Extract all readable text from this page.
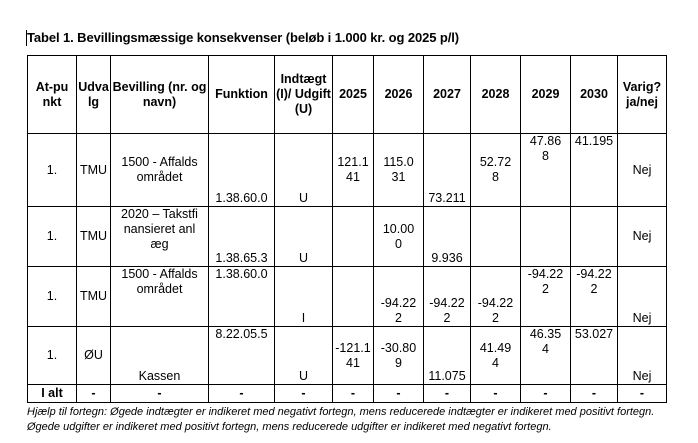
Tabel 1. Bevillingsmæssige konsekvenser (beløb i 1.000 kr. og 2025 p/l)
At-punkt	Udvalg	Bevilling (nr. og navn)	Funktion	Indtægt (I)/ Udgift (U)	2025	2026	2027	2028	2029	2030	Varig? ja/nej

1.	TMU	1500 - Affaldsområdet	1.38.60.0	U	121.141	115.031	73.211	52.728	47.868	41.195	Nej

1.	TMU	2020 – Takstfinansieret anlæg	1.38.65.3	U		10.000	9.936				Nej

1.	TMU	1500 - Affaldsområdet	1.38.60.0	I		-94.222	-94.222	-94.222	-94.222	-94.222	Nej

1.	ØU	Kassen	8.22.05.5	U	-121.141	-30.809	11.075	41.494	46.354	53.027	Nej

I alt	-	-	-	-	-	-	-	-	-	-	-
Hjælp til fortegn: Øgede indtægter er indikeret med negativt fortegn, mens reducerede indtægter er indikeret med positivt fortegn. Øgede udgifter er indikeret med positivt fortegn, mens reducerede udgifter er indikeret med negativt fortegn.
